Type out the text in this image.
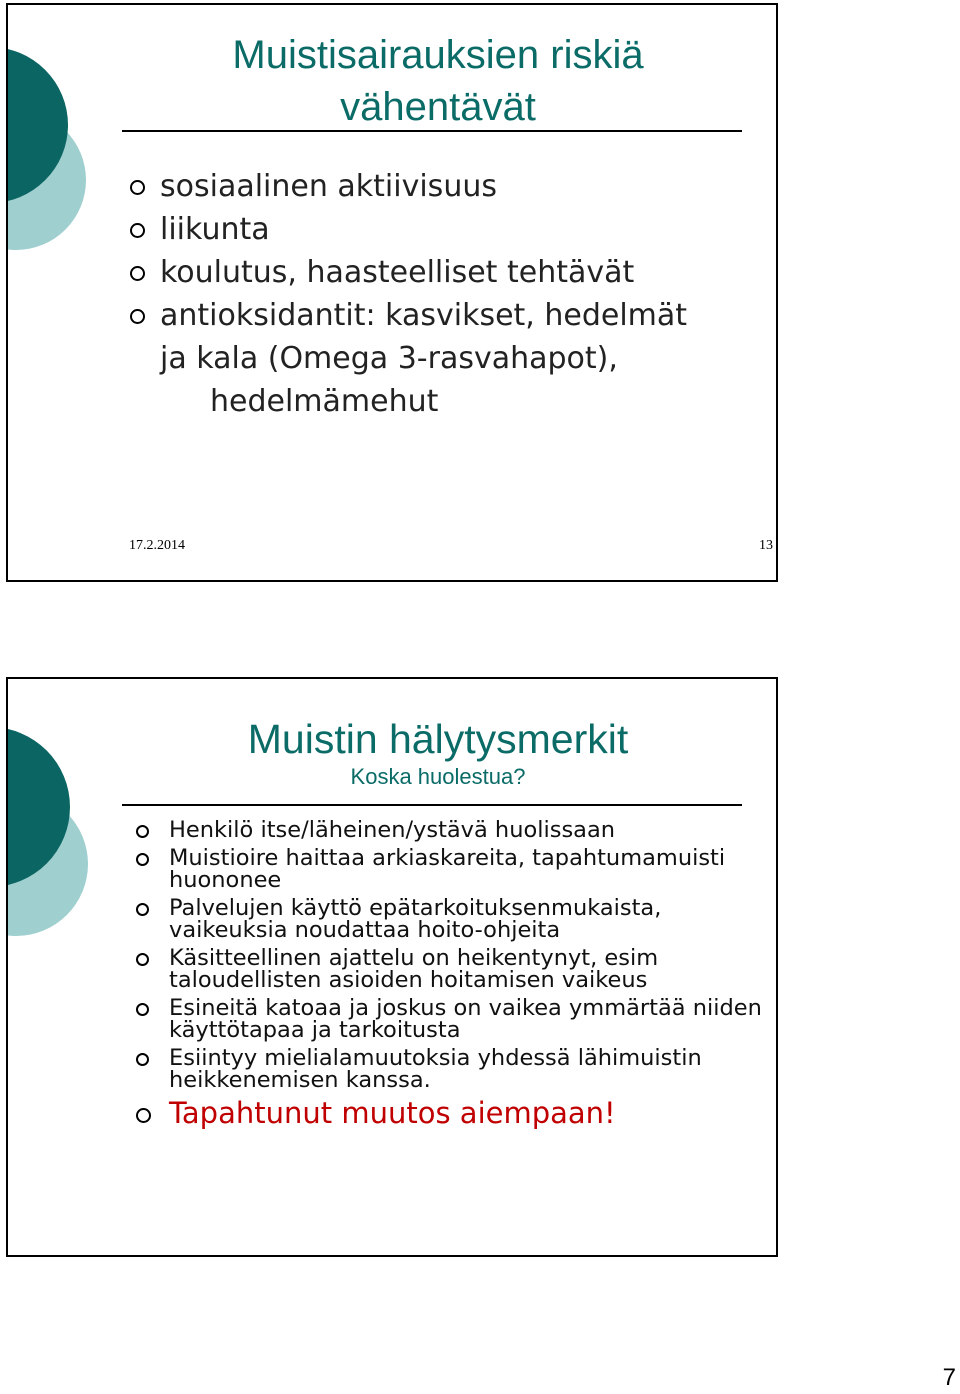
Muistisairauksien riskiä
vähentävät
sosiaalinen aktiivisuus
liikunta
koulutus, haasteelliset tehtävät
antioksidantit: kasvikset, hedelmät
ja kala (Omega 3-rasvahapot),
hedelmämehut
17.2.2014	13
Muistin hälytysmerkit
Koska huolestua?
Henkilö itse/läheinen/ystävä huolissaan
Muistioire haittaa arkiaskareita, tapahtumamuisti huononee
Palvelujen käyttö epätarkoituksenmukaista, vaikeuksia noudattaa hoito-ohjeita
Käsitteellinen ajattelu on heikentynyt, esim taloudellisten asioiden hoitamisen vaikeus
Esineitä katoaa ja joskus on vaikea ymmärtää niiden käyttötapaa ja tarkoitusta
Esiintyy mielialamuutoksia yhdessä lähimuistin heikkenemisen kanssa.
Tapahtunut muutos aiempaan!
7
